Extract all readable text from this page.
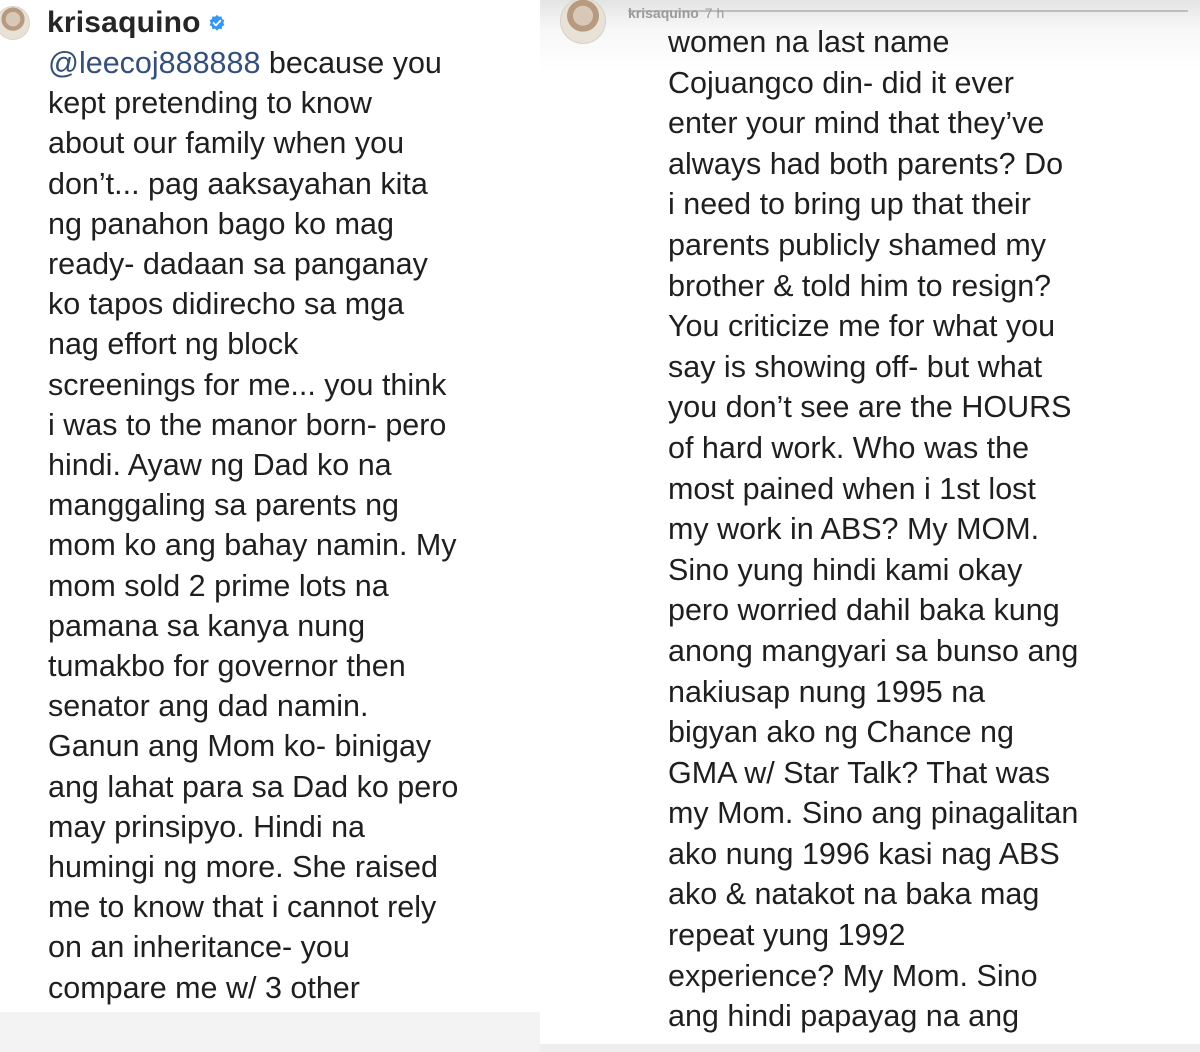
krisaquino
@leecoj888888 because you
kept pretending to know
about our family when you
don’t... pag aaksayahan kita
ng panahon bago ko mag
ready- dadaan sa panganay
ko tapos didirecho sa mga
nag effort ng block
screenings for me... you think
i was to the manor born- pero
hindi. Ayaw ng Dad ko na
manggaling sa parents ng
mom ko ang bahay namin. My
mom sold 2 prime lots na
pamana sa kanya nung
tumakbo for governor then
senator ang dad namin.
Ganun ang Mom ko- binigay
ang lahat para sa Dad ko pero
may prinsipyo. Hindi na
humingi ng more. She raised
me to know that i cannot rely
on an inheritance- you
compare me w/ 3 other
krisaquino 7 h
women na last name
Cojuangco din- did it ever
enter your mind that they’ve
always had both parents? Do
i need to bring up that their
parents publicly shamed my
brother & told him to resign?
You criticize me for what you
say is showing off- but what
you don’t see are the HOURS
of hard work. Who was the
most pained when i 1st lost
my work in ABS? My MOM.
Sino yung hindi kami okay
pero worried dahil baka kung
anong mangyari sa bunso ang
nakiusap nung 1995 na
bigyan ako ng Chance ng
GMA w/ Star Talk? That was
my Mom. Sino ang pinagalitan
ako nung 1996 kasi nag ABS
ako & natakot na baka mag
repeat yung 1992
experience? My Mom. Sino
ang hindi papayag na ang
